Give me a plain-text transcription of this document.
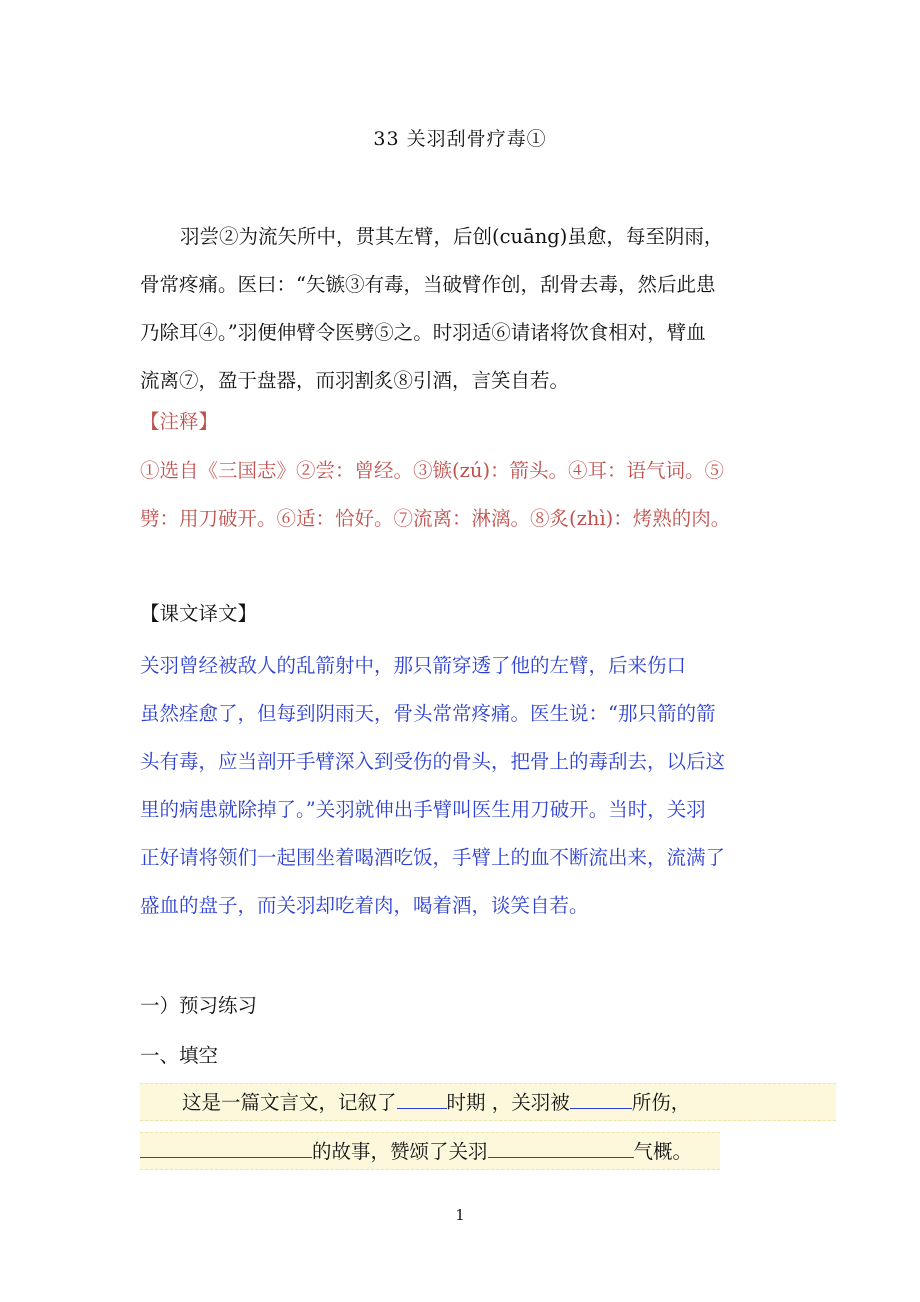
33 关羽刮骨疗毒①
羽尝②为流矢所中，贯其左臂，后创(cuāng)虽愈，每至阴雨，
骨常疼痛。医曰：“矢镞③有毒，当破臂作创，刮骨去毒，然后此患
乃除耳④。”羽便伸臂令医劈⑤之。时羽适⑥请诸将饮食相对，臂血
流离⑦，盈于盘器，而羽割炙⑧引酒，言笑自若。
【注释】
①选自《三国志》②尝：曾经。③镞(zú)：箭头。④耳：语气词。⑤
劈：用刀破开。⑥适：恰好。⑦流离：淋漓。⑧炙(zhì)：烤熟的肉。
【课文译文】
关羽曾经被敌人的乱箭射中，那只箭穿透了他的左臂，后来伤口
虽然痊愈了，但每到阴雨天，骨头常常疼痛。医生说：“那只箭的箭
头有毒，应当剖开手臂深入到受伤的骨头，把骨上的毒刮去，以后这
里的病患就除掉了。”关羽就伸出手臂叫医生用刀破开。当时，关羽
正好请将领们一起围坐着喝酒吃饭，手臂上的血不断流出来，流满了
盛血的盘子，而关羽却吃着肉，喝着酒，谈笑自若。
一）预习练习
一、填空
这是一篇文言文，记叙了	时期 ，关羽被	所伤，
的故事，赞颂了关羽	气概。
1
